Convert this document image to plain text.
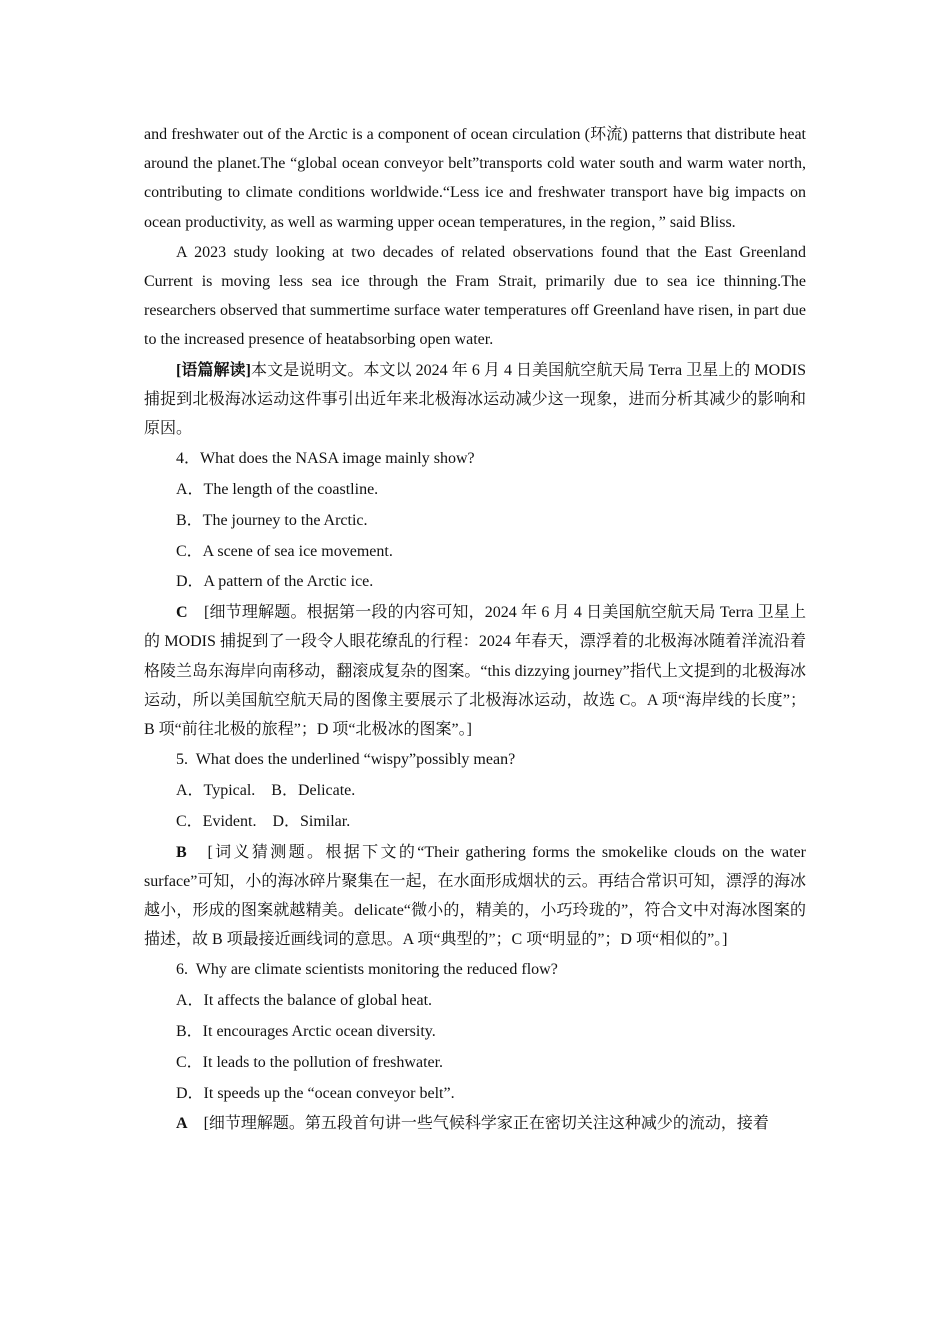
and freshwater out of the Arctic is a component of ocean circulation (环流) patterns that distribute heat around the planet.The “global ocean conveyor belt”transports cold water south and warm water north, contributing to climate conditions worldwide.“Less ice and freshwater transport have big impacts on ocean productivity, as well as warming upper ocean temperatures, in the region，” said Bliss.

A 2023 study looking at two decades of related observations found that the East Greenland Current is moving less sea ice through the Fram Strait, primarily due to sea ice thinning.The researchers observed that summertime surface water temperatures off Greenland have risen, in part due to the increased presence of heatabsorbing open water.

[语篇解读]本文是说明文。本文以 2024 年 6 月 4 日美国航空航天局 Terra 卫星上的 MODIS 捕捉到北极海冰运动这件事引出近年来北极海冰运动减少这一现象，进而分析其减少的影响和原因。

4．What does the NASA image mainly show?

A．The length of the coastline.

B．The journey to the Arctic.

C．A scene of sea ice movement.

D．A pattern of the Arctic ice.

C　 [细节理解题。根据第一段的内容可知，2024 年 6 月 4 日美国航空航天局 Terra 卫星上的 MODIS 捕捉到了一段令人眼花缭乱的行程：2024 年春天，漂浮着的北极海冰随着洋流沿着格陵兰岛东海岸向南移动，翻滚成复杂的图案。“this dizzying journey”指代上文提到的北极海冰运动，所以美国航空航天局的图像主要展示了北极海冰运动，故选 C。A 项“海岸线的长度”；B 项“前往北极的旅程”；D 项“北极冰的图案”。]

5.  What does the underlined “wispy”possibly mean?

A．Typical.    B．Delicate.

C．Evident.    D．Similar.

B　 [词义猜测题。根据下文的“Their gathering forms the smokelike clouds on the water surface”可知，小的海冰碎片聚集在一起，在水面形成烟状的云。再结合常识可知，漂浮的海冰越小，形成的图案就越精美。delicate“微小的，精美的，小巧玲珑的”，符合文中对海冰图案的描述，故 B 项最接近画线词的意思。A 项“典型的”；C 项“明显的”；D 项“相似的”。]

6.  Why are climate scientists monitoring the reduced flow?

A．It affects the balance of global heat.

B．It encourages Arctic ocean diversity.

C．It leads to the pollution of freshwater.

D．It speeds up the “ocean conveyor belt”.

A　 [细节理解题。第五段首句讲一些气候科学家正在密切关注这种减少的流动，接着
